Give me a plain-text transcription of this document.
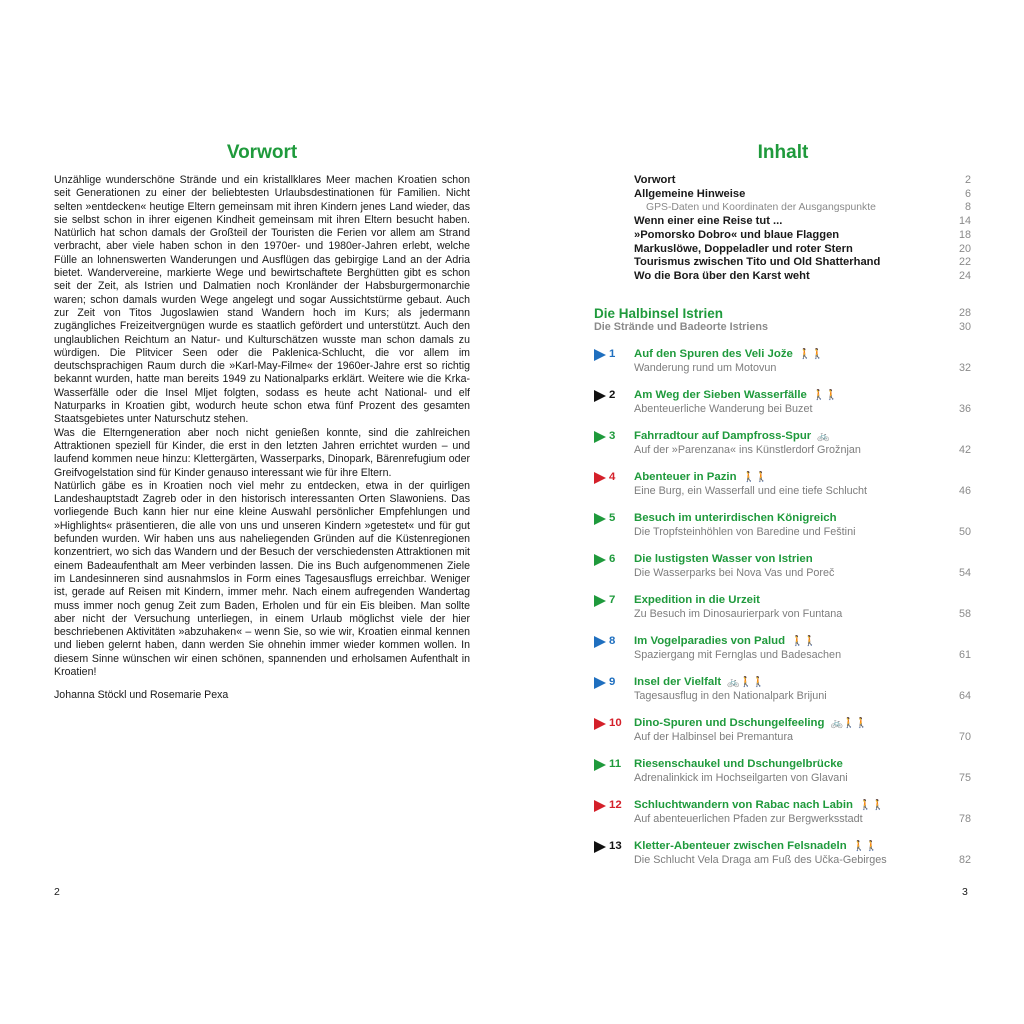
Vorwort

Unzählige wunderschöne Strände und ein kristallklares Meer machen Kroatien schon seit Generationen zu einer der beliebtesten Urlaubsdestinationen für Familien. Nicht selten »entdecken« heutige Eltern gemeinsam mit ihren Kindern jenes Land wieder, das sie selbst schon in ihrer eigenen Kindheit gemeinsam mit ihren Eltern besucht haben. Natürlich hat schon damals der Großteil der Touristen die Ferien vor allem am Strand verbracht, aber viele haben schon in den 1970er- und 1980er-Jahren erlebt, welche Fülle an lohnenswerten Wanderungen und Ausflügen das gebirgige Land an der Adria bietet. Wandervereine, markierte Wege und bewirtschaftete Berghütten gibt es schon seit der Zeit, als Istrien und Dalmatien noch Kronländer der Habsburgermonarchie waren; schon damals wurden Wege angelegt und sogar Aussichtstürme gebaut. Auch zur Zeit von Titos Jugoslawien stand Wandern hoch im Kurs; als jedermann zugängliches Freizeitvergnügen wurde es staatlich gefördert und unterstützt. Auch den unglaublichen Reichtum an Natur- und Kulturschätzen wusste man schon damals zu würdigen. Die Plitvicer Seen oder die Paklenica-Schlucht, die vor allem im deutschsprachigen Raum durch die »Karl-May-Filme« der 1960er-Jahre erst so richtig bekannt wurden, hatte man bereits 1949 zu Nationalparks erklärt. Weitere wie die Krka-Wasserfälle oder die Insel Mljet folgten, sodass es heute acht National- und elf Naturparks in Kroatien gibt, wodurch heute schon etwa fünf Prozent des gesamten Staatsgebietes unter Naturschutz stehen.

Was die Elterngeneration aber noch nicht genießen konnte, sind die zahlreichen Attraktionen speziell für Kinder, die erst in den letzten Jahren errichtet wurden – und laufend kommen neue hinzu: Klettergärten, Wasserparks, Dinopark, Bärenrefugium oder Greifvogelstation sind für Kinder genauso interessant wie für ihre Eltern.

Natürlich gäbe es in Kroatien noch viel mehr zu entdecken, etwa in der quirligen Landeshauptstadt Zagreb oder in den historisch interessanten Orten Slawoniens. Das vorliegende Buch kann hier nur eine kleine Auswahl persönlicher Empfehlungen und »Highlights« präsentieren, die alle von uns und unseren Kindern »getestet« und für gut befunden wurden. Wir haben uns aus naheliegenden Gründen auf die Küstenregionen konzentriert, wo sich das Wandern und der Besuch der verschiedensten Attraktionen mit einem Badeaufenthalt am Meer verbinden lassen. Die ins Buch aufgenommenen Ziele im Landesinneren sind ausnahmslos in Form eines Tagesausflugs erreichbar. Weniger ist, gerade auf Reisen mit Kindern, immer mehr. Nach einem aufregenden Wandertag muss immer noch genug Zeit zum Baden, Erholen und für ein Eis bleiben. Man sollte aber nicht der Versuchung unterliegen, in einem Urlaub möglichst viele der hier beschriebenen Aktivitäten »abzuhaken« – wenn Sie, so wie wir, Kroatien einmal kennen und lieben gelernt haben, dann werden Sie ohnehin immer wieder kommen wollen. In diesem Sinne wünschen wir einen schönen, spannenden und erholsamen Aufenthalt in Kroatien!

Johanna Stöckl und Rosemarie Pexa
2
Inhalt
Vorwort	2
Allgemeine Hinweise	6
GPS-Daten und Koordinaten der Ausgangspunkte	8
Wenn einer eine Reise tut ...	14
»Pomorsko Dobro« und blaue Flaggen	18
Markuslöwe, Doppeladler und roter Stern	20
Tourismus zwischen Tito und Old Shatterhand	22
Wo die Bora über den Karst weht	24
Die Halbinsel Istrien	28
Die Strände und Badeorte Istriens	30
1 Auf den Spuren des Veli Jože 🚶🚶
Wanderung rund um Motovun	32
2 Am Weg der Sieben Wasserfälle 🚶🚶
Abenteuerliche Wanderung bei Buzet	36
3 Fahrradtour auf Dampfross-Spur 🚲
Auf der »Parenzana« ins Künstlerdorf Grožnjan	42
4 Abenteuer in Pazin 🚶🚶
Eine Burg, ein Wasserfall und eine tiefe Schlucht	46
5 Besuch im unterirdischen Königreich
Die Tropfsteinhöhlen von Baredine und Feštini	50
6 Die lustigsten Wasser von Istrien
Die Wasserparks bei Nova Vas und Poreč	54
7 Expedition in die Urzeit
Zu Besuch im Dinosaurierpark von Funtana	58
8 Im Vogelparadies von Palud 🚶🚶
Spaziergang mit Fernglas und Badesachen	61
9 Insel der Vielfalt 🚲🚶🚶
Tagesausflug in den Nationalpark Brijuni	64
10 Dino-Spuren und Dschungelfeeling 🚲🚶🚶
Auf der Halbinsel bei Premantura	70
11 Riesenschaukel und Dschungelbrücke
Adrenalinkick im Hochseilgarten von Glavani	75
12 Schluchtwandern von Rabac nach Labin 🚶🚶
Auf abenteuerlichen Pfaden zur Bergwerksstadt	78
13 Kletter-Abenteuer zwischen Felsnadeln 🚶🚶
Die Schlucht Vela Draga am Fuß des Učka-Gebirges	82
3
